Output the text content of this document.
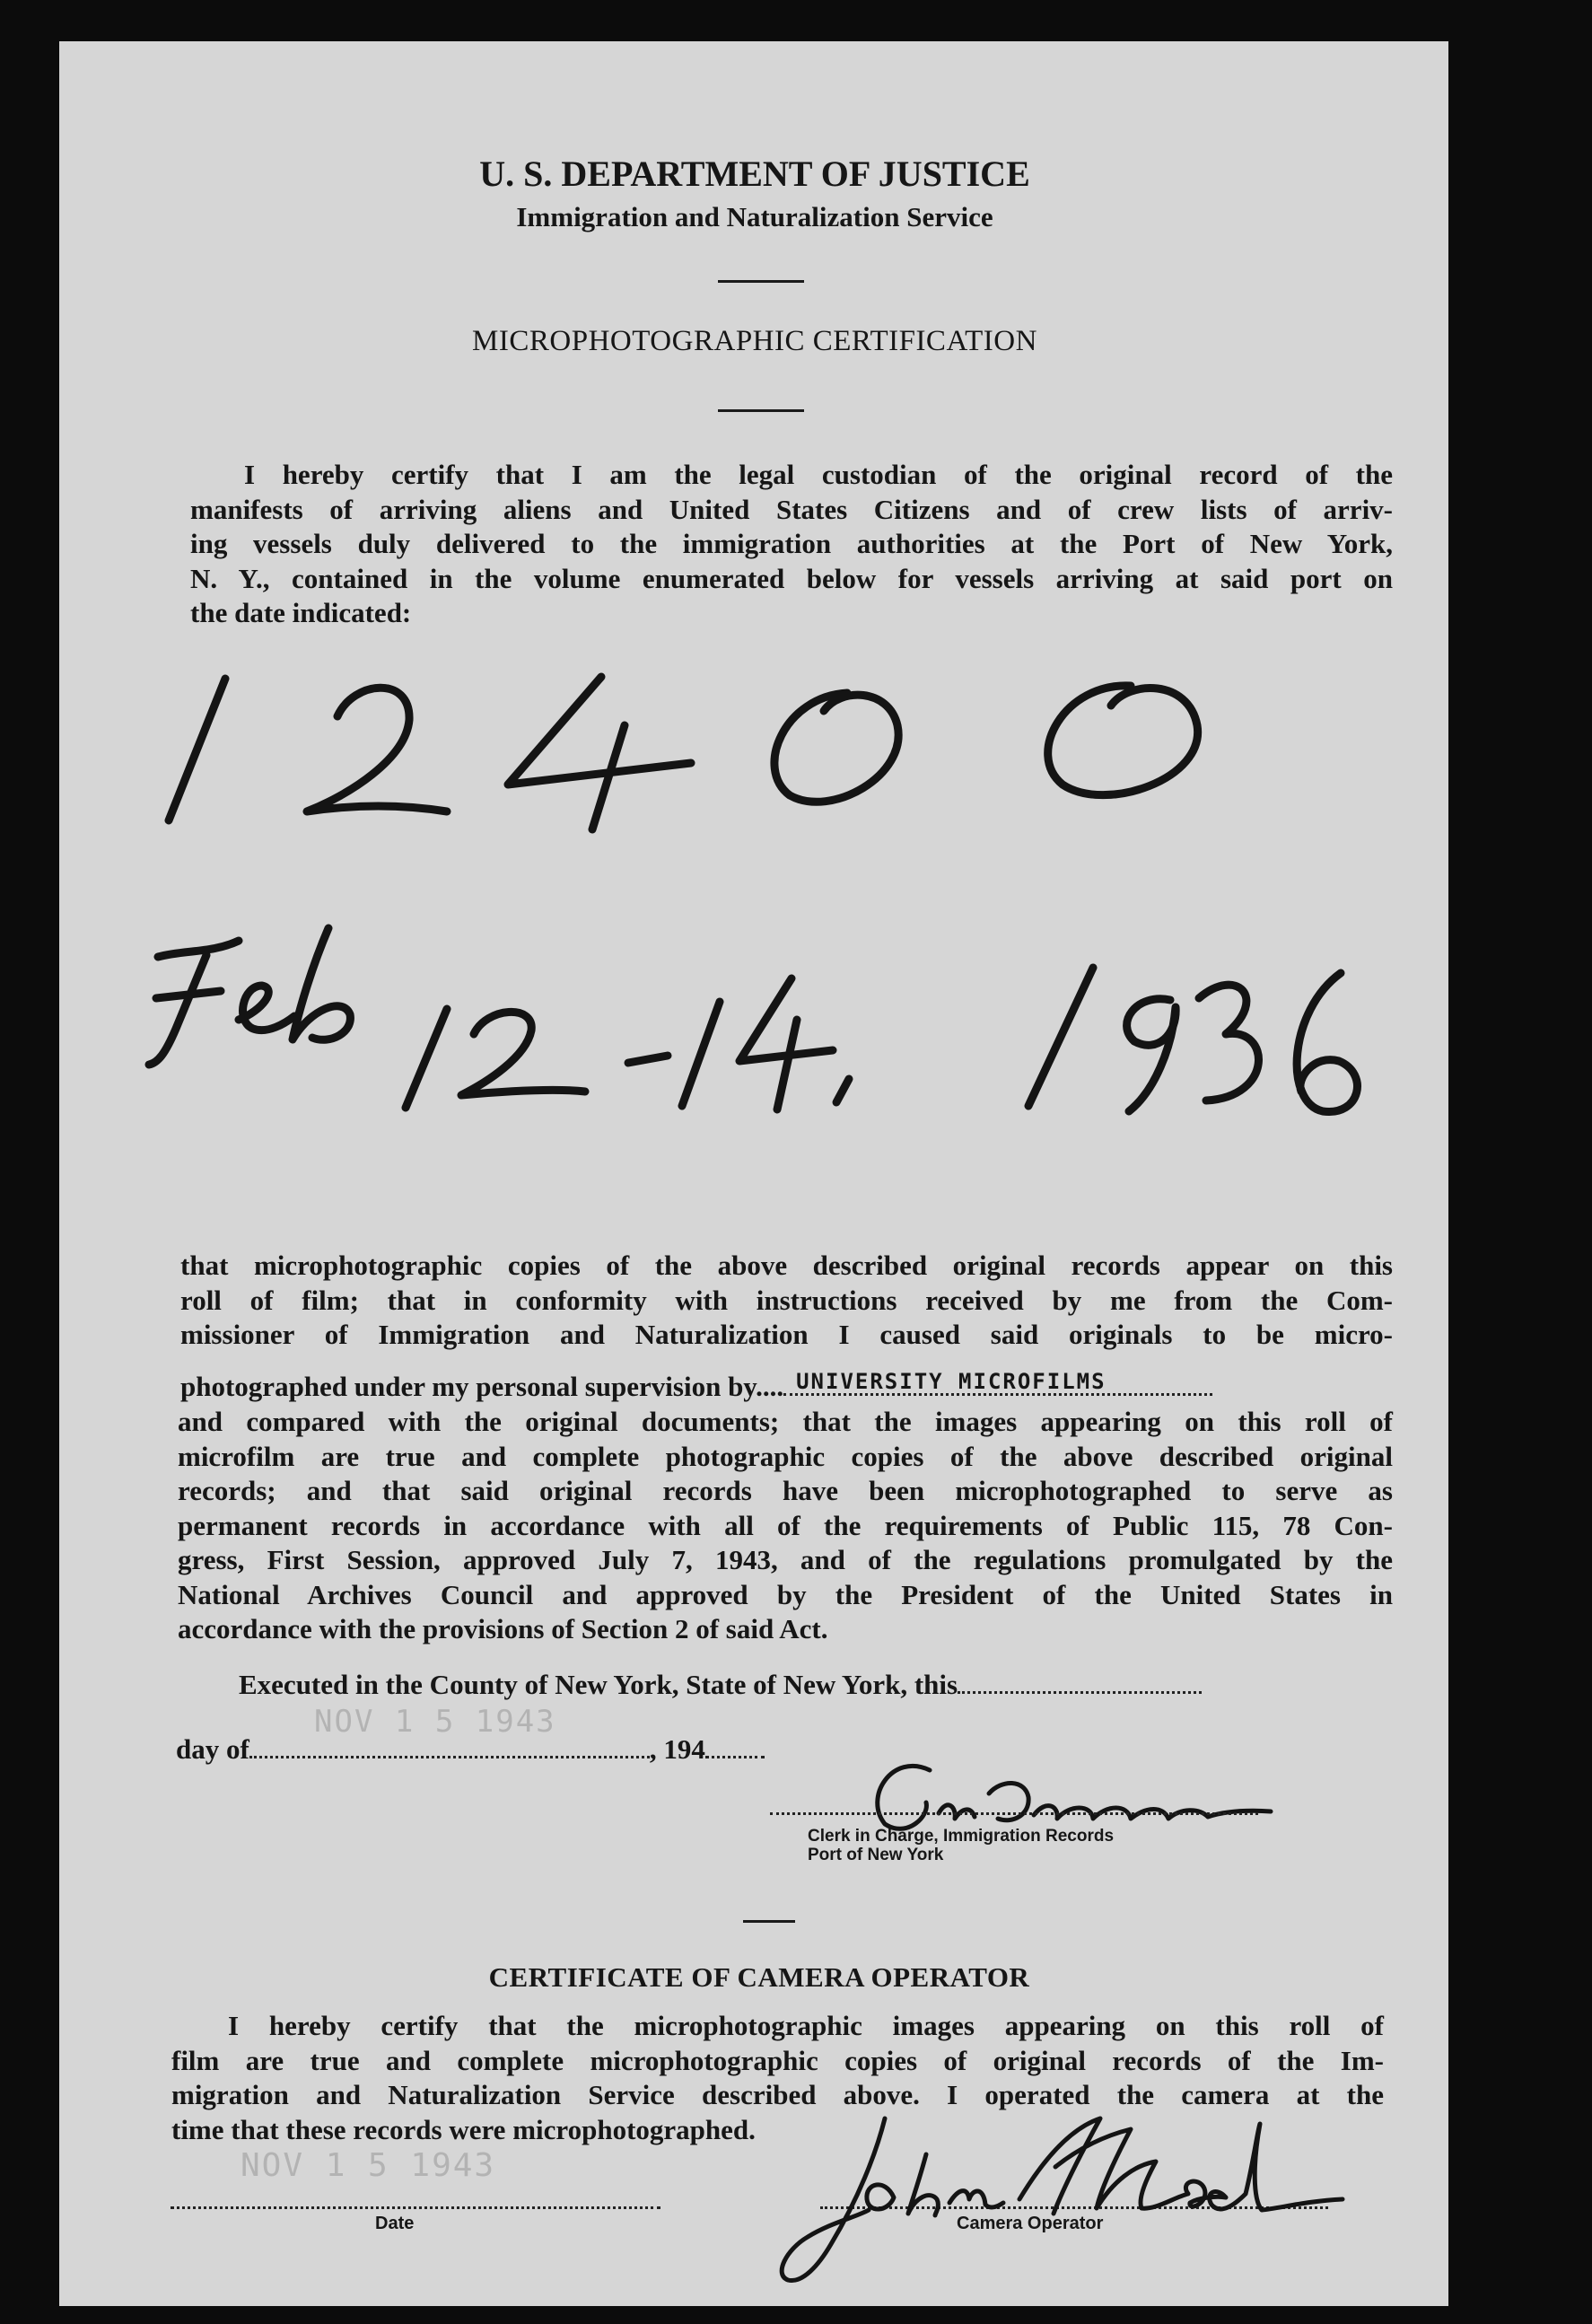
U. S. DEPARTMENT OF JUSTICE
Immigration and Naturalization Service
MICROPHOTOGRAPHIC CERTIFICATION
I hereby certify that I am the legal custodian of the original record of the
manifests of arriving aliens and United States Citizens and of crew lists of arriv-
ing vessels duly delivered to the immigration authorities at the Port of New York,
N. Y., contained in the volume enumerated below for vessels arriving at said port on
the date indicated:
that microphotographic copies of the above described original records appear on this
roll of film; that in conformity with instructions received by me from the Com-
missioner of Immigration and Naturalization I caused said originals to be micro-
photographed under my personal supervision by.... UNIVERSITY MICROFILMS
and compared with the original documents; that the images appearing on this roll of
microfilm are true and complete photographic copies of the above described original
records; and that said original records have been microphotographed to serve as
permanent records in accordance with all of the requirements of Public 115, 78 Con-
gress, First Session, approved July 7, 1943, and of the regulations promulgated by the
National Archives Council and approved by the President of the United States in
accordance with the provisions of Section 2 of said Act.
Executed in the County of New York, State of New York, this
NOV 1 5 1943
day of	, 194
Clerk in Charge, Immigration Records
Port of New York
CERTIFICATE OF CAMERA OPERATOR
I hereby certify that the microphotographic images appearing on this roll of
film are true and complete microphotographic copies of original records of the Im-
migration and Naturalization Service described above. I operated the camera at the
time that these records were microphotographed.
NOV 1 5 1943
Date	Camera Operator
